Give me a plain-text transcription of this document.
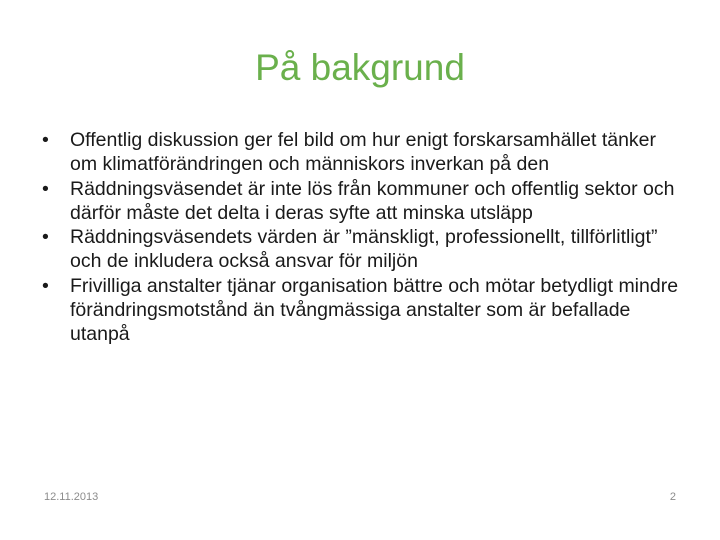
På bakgrund
•	Offentlig diskussion ger fel bild om hur enigt forskarsamhället tänker om klimatförändringen och människors inverkan på den
•	Räddningsväsendet är inte lös från kommuner och offentlig sektor och därför måste det delta i deras syfte att minska utsläpp
•	Räddningsväsendets värden är ”mänskligt, professionellt, tillförlitligt” och de inkludera också ansvar för miljön
•	Frivilliga anstalter tjänar organisation bättre och mötar betydligt mindre förändringsmotstånd än tvångmässiga anstalter som är befallade utanpå
12.11.2013	2
